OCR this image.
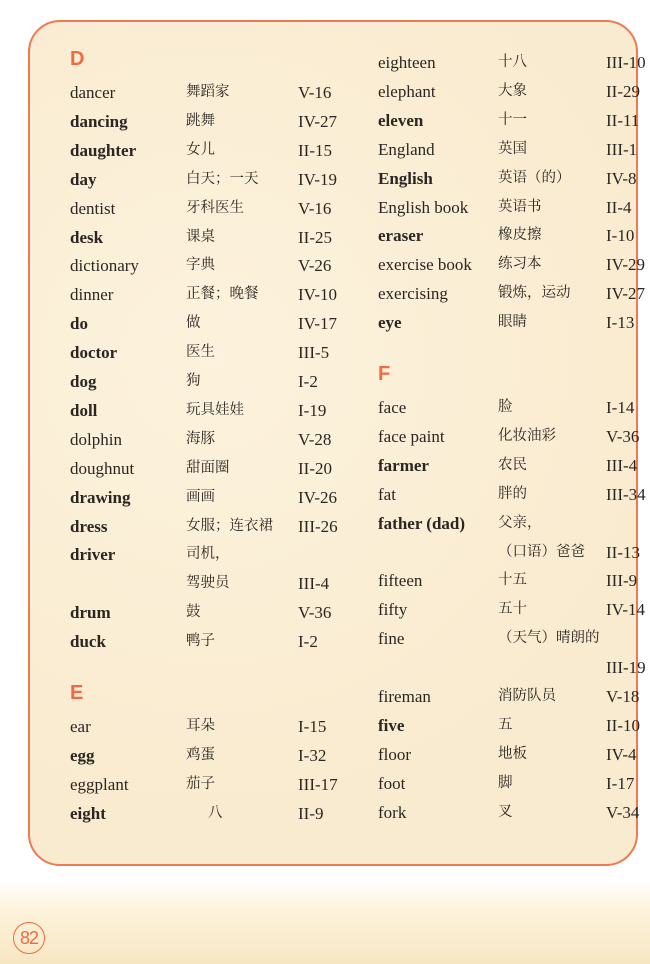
D
dancer	舞蹈家	V-16
dancing	跳舞	IV-27
daughter	女儿	II-15
day	白天；一天 IV-19
dentist	牙科医生	V-16
desk	课桌	II-25
dictionary	字典	V-26
dinner	正餐；晚餐 IV-10
do	做	IV-17
doctor	医生	III-5
dog	狗	I-2
doll	玩具娃娃	I-19
dolphin	海豚	V-28
doughnut	甜面圈	II-20
drawing	画画	IV-26
dress	女服；连衣裙 III-26
driver	司机，
驾驶员	III-4
drum	鼓	V-36
duck	鸭子	I-2
E
ear	耳朵	I-15
egg	鸡蛋	I-32
eggplant	茄子	III-17
eight	八	II-9
eighteen	十八	III-10
elephant	大象	II-29
eleven	十一	II-11
England	英国	III-1
English	英语（的） IV-8
English book 英语书	II-4
eraser	橡皮擦	I-10
exercise book 练习本	IV-29
exercising	锻炼，运动 IV-27
eye	眼睛	I-13
F
face	脸	I-14
face paint	化妆油彩	V-36
farmer	农民	III-4
fat	胖的	III-34
father (dad) 父亲，
（口语）爸爸 II-13
fifteen	十五	III-9
fifty	五十	IV-14
fine	（天气）晴朗的
III-19
fireman	消防队员	V-18
five	五	II-10
floor	地板	IV-4
foot	脚	I-17
fork	叉	V-34
82
